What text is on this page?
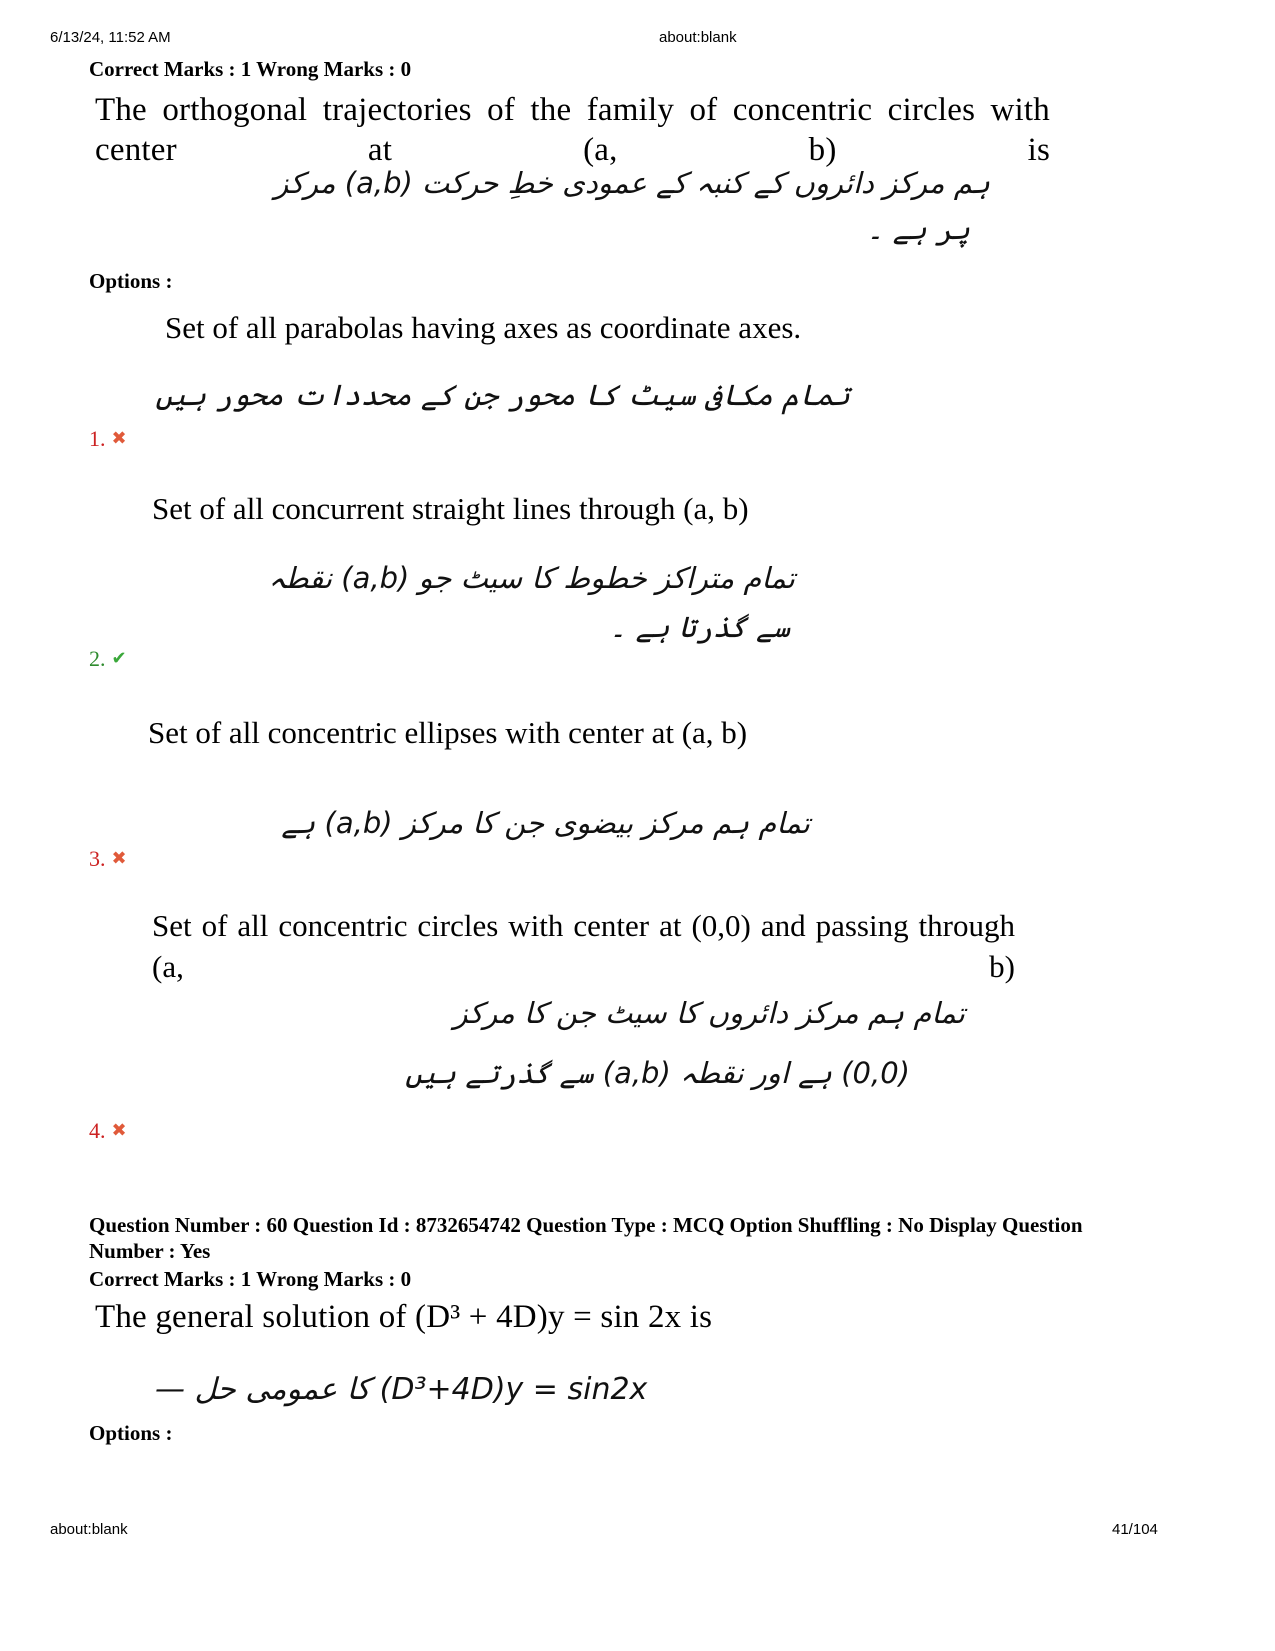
6/13/24, 11:52 AM	about:blank
Correct Marks : 1 Wrong Marks : 0
The orthogonal trajectories of the family of concentric circles with center at (a, b) is
ہم مرکز دائروں کے کنبہ کے عمودی خطِ حرکت (a,b) مرکز
پر ہے ۔
Options :
Set of all parabolas having axes as coordinate axes.
تمام مکافی سیٹ کا محور جن کے محددات محور ہیں
1. ✖
Set of all concurrent straight lines through (a, b)
تمام متراکز خطوط کا سیٹ جو (a,b) نقطہ
سے گذرتا ہے ۔
2. ✔
Set of all concentric ellipses with center at (a, b)
تمام ہم مرکز بیضوی جن کا مرکز (a,b) ہے
3. ✖
Set of all concentric circles with center at (0,0) and passing through (a, b)
تمام ہم مرکز دائروں کا سیٹ جن کا مرکز
(0,0) ہے اور نقطہ (a,b) سے گذرتے ہیں
4. ✖
Question Number : 60 Question Id : 8732654742 Question Type : MCQ Option Shuffling : No Display Question Number : Yes
Correct Marks : 1 Wrong Marks : 0
The general solution of (D³ + 4D)y = sin 2x is
— کا عمومی حل (D³+4D)y = sin2x
Options :
about:blank	41/104
